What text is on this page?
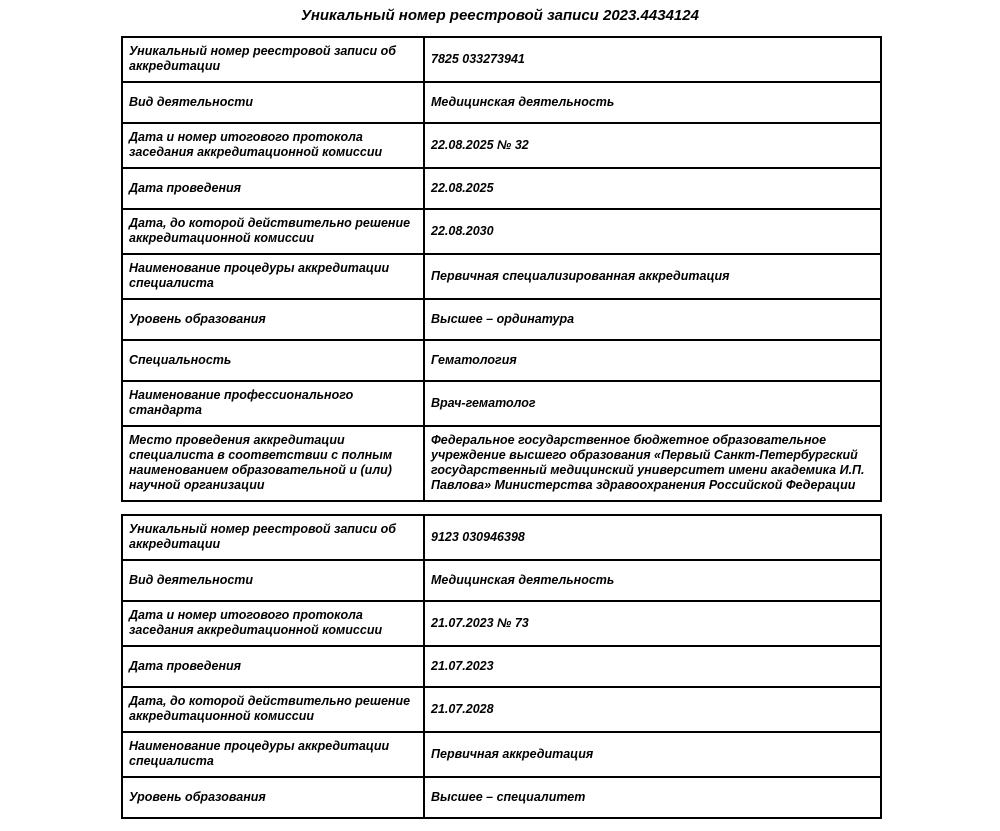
Уникальный номер реестровой записи 2023.4434124
Уникальный номер реестровой записи об аккредитации	7825 033273941
Вид деятельности	Медицинская деятельность
Дата и номер итогового протокола заседания аккредитационной комиссии	22.08.2025 № 32
Дата проведения	22.08.2025
Дата, до которой действительно решение аккредитационной комиссии	22.08.2030
Наименование процедуры аккредитации специалиста	Первичная специализированная аккредитация
Уровень образования	Высшее – ординатура
Специальность	Гематология
Наименование профессионального стандарта	Врач-гематолог
Место проведения аккредитации специалиста в соответствии с полным наименованием образовательной и (или) научной организации	Федеральное государственное бюджетное образовательное учреждение высшего образования «Первый Санкт-Петербургский государственный медицинский университет имени академика И.П. Павлова» Министерства здравоохранения Российской Федерации
Уникальный номер реестровой записи об аккредитации	9123 030946398
Вид деятельности	Медицинская деятельность
Дата и номер итогового протокола заседания аккредитационной комиссии	21.07.2023 № 73
Дата проведения	21.07.2023
Дата, до которой действительно решение аккредитационной комиссии	21.07.2028
Наименование процедуры аккредитации специалиста	Первичная аккредитация
Уровень образования	Высшее – специалитет
